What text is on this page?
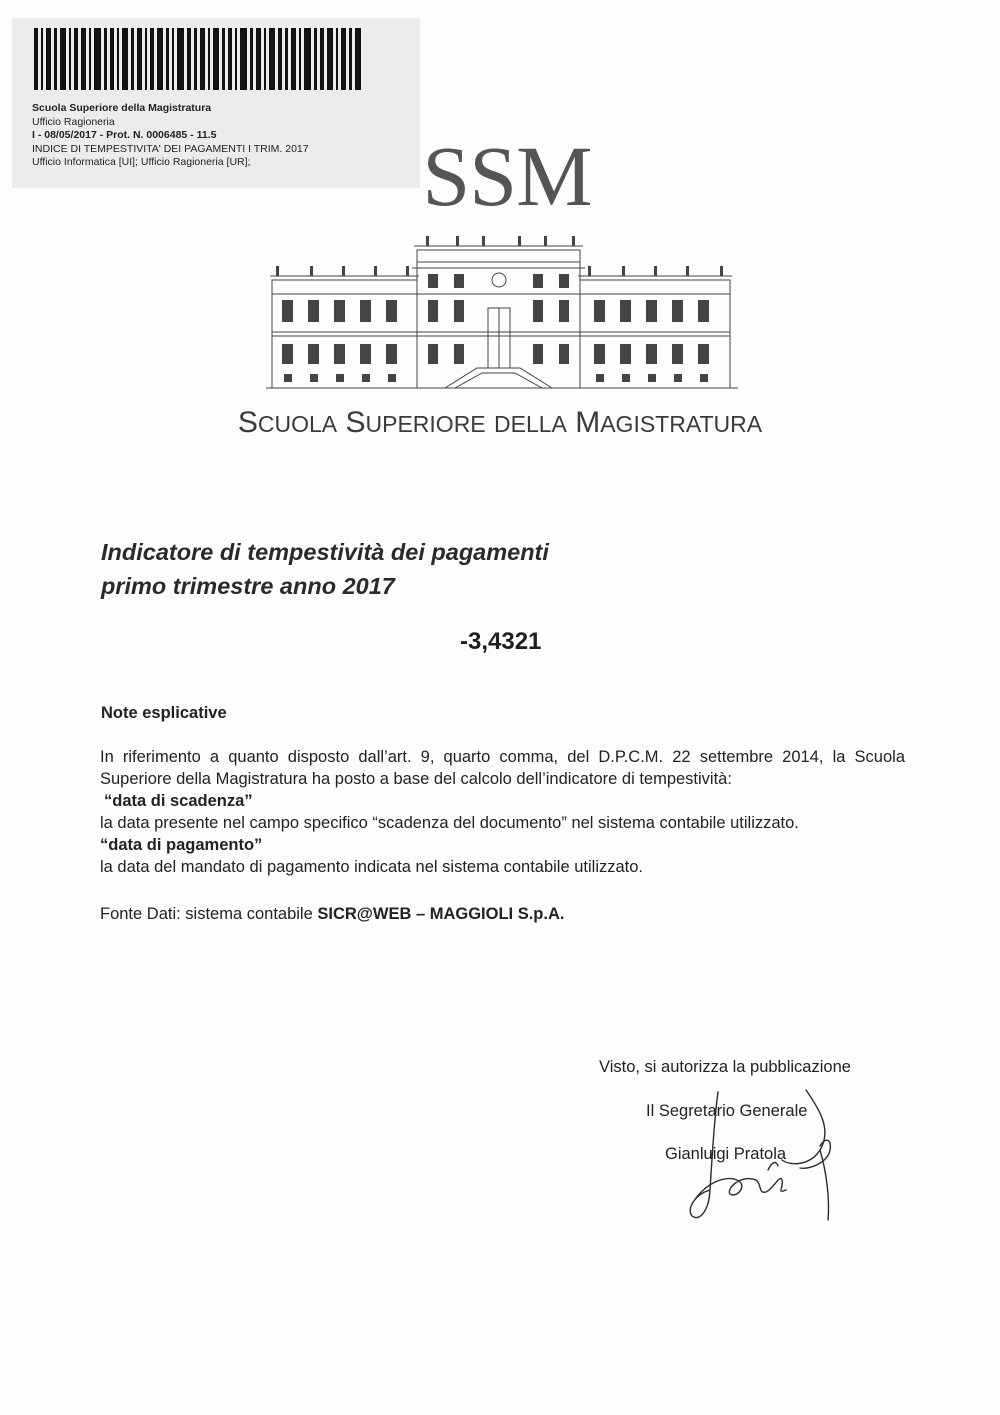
Scuola Superiore della Magistratura
Ufficio Ragioneria
I - 08/05/2017 - Prot. N. 0006485 - 11.5
INDICE DI TEMPESTIVITA' DEI PAGAMENTI I TRIM. 2017
Ufficio Informatica [UI]; Ufficio Ragioneria [UR];	SSM
SCUOLA SUPERIORE DELLA MAGISTRATURA
Indicatore di tempestività dei pagamenti
primo trimestre anno 2017
-3,4321
Note esplicative

In riferimento a quanto disposto dall’art. 9, quarto comma, del D.P.C.M. 22 settembre 2014, la Scuola Superiore della Magistratura ha posto a base del calcolo dell’indicatore di tempestività:

“data di scadenza”

la data presente nel campo specifico “scadenza del documento” nel sistema contabile utilizzato.

“data di pagamento”

la data del mandato di pagamento indicata nel sistema contabile utilizzato.

Fonte Dati: sistema contabile SICR@WEB – MAGGIOLI S.p.A.
Visto, si autorizza la pubblicazione
Il Segretario Generale
Gianluigi Pratola
